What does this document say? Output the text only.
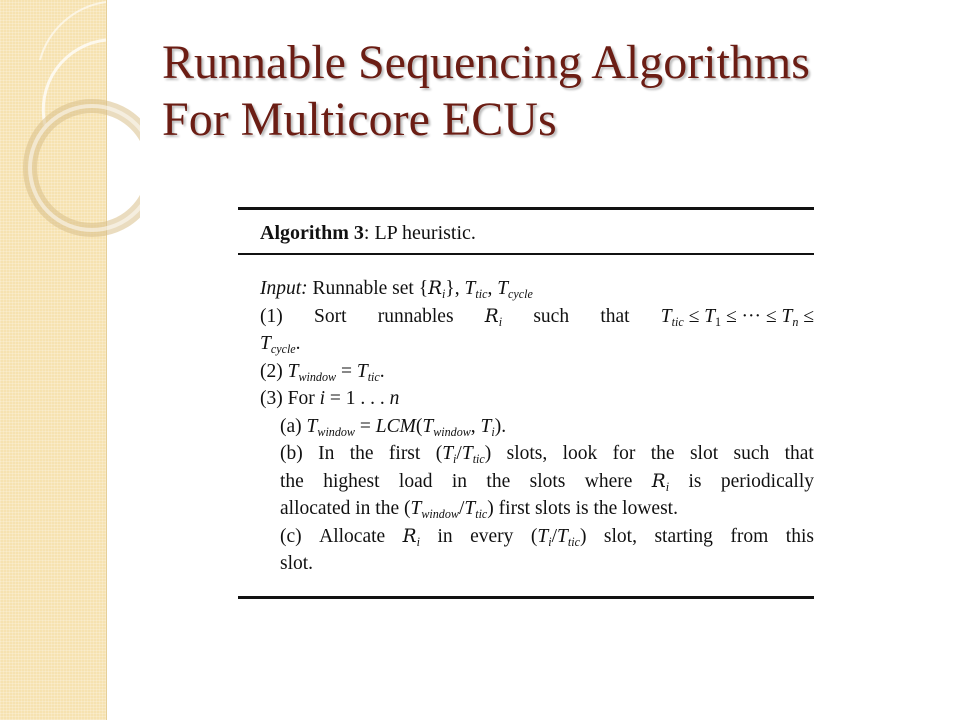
Runnable Sequencing Algorithms
For Multicore ECUs
Algorithm 3: LP heuristic.
Input: Runnable set $\{R_i\}$, $T_{tic}$, $T_{cycle}$
(1) Sort runnables $R_i$ such that $T_{tic} \le T_1$ ≤ ··· ≤ $T_n$ ≤
$T_{cycle}$.
(2) $T_{window} = T_{tic}$.
(3) For i = 1 . . . n
(a) $T_{window} = LCM(T_{window}$, $T_i$).
(b) In the first $(T_i/T_{tic})$ slots, look for the slot such that
the highest load in the slots where $R_i$ is periodically
allocated in the $(T_{window}/T_{tic})$ first slots is the lowest.
(c) Allocate $R_i$ in every $(T_i/T_{tic})$ slot, starting from this
slot.
